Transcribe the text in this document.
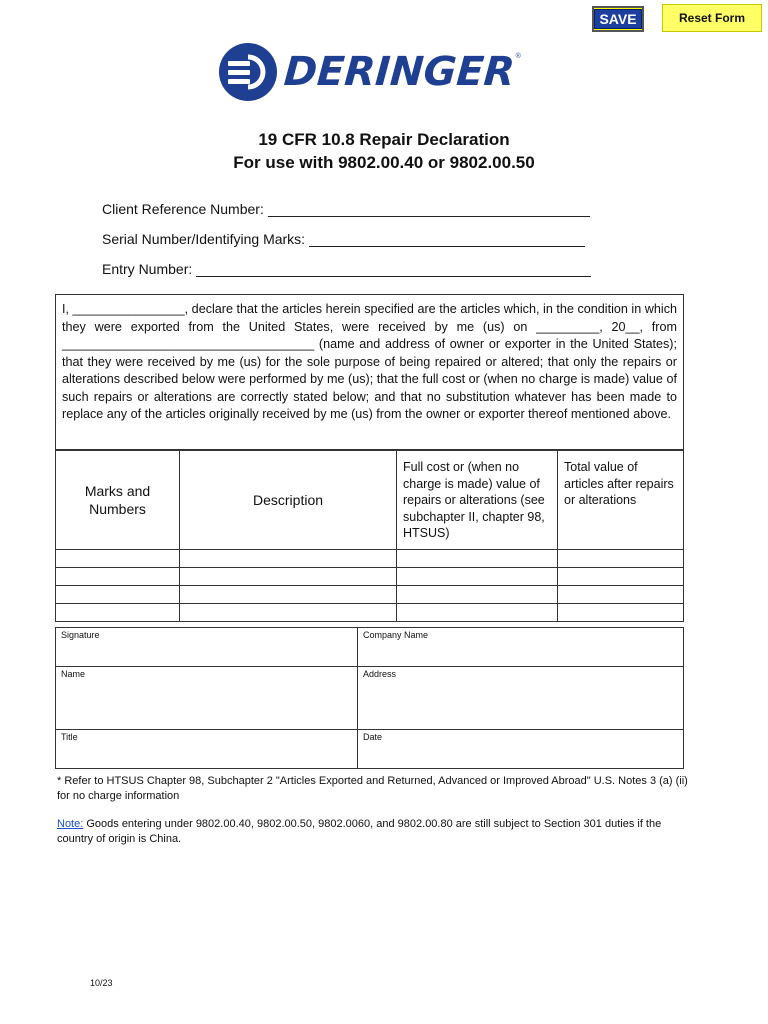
SAVE	Reset Form
DERINGER ®
19 CFR 10.8 Repair Declaration
For use with 9802.00.40 or 9802.00.50
Client Reference Number:
Serial Number/Identifying Marks:
Entry Number:
I, ________________, declare that the articles herein specified are the articles which, in the condition in which they were exported from the United States, were received by me (us) on _________, 20__, from ____________________________________ (name and address of owner or exporter in the United States); that they were received by me (us) for the sole purpose of being repaired or altered; that only the repairs or alterations described below were performed by me (us); that the full cost or (when no charge is made) value of such repairs or alterations are correctly stated below; and that no substitution whatever has been made to replace any of the articles originally received by me (us) from the owner or exporter thereof mentioned above.
Marks and
Numbers	Description	Full cost or (when no charge is made) value of repairs or alterations (see subchapter II, chapter 98, HTSUS)	Total value of articles after repairs or alterations

Signature	Company Name
Name	Address
Title	Date
* Refer to HTSUS Chapter 98, Subchapter 2 "Articles Exported and Returned, Advanced or Improved Abroad" U.S. Notes 3 (a) (ii) for no charge information
Note: Goods entering under 9802.00.40, 9802.00.50, 9802.0060, and 9802.00.80 are still subject to Section 301 duties if the country of origin is China.
10/23
